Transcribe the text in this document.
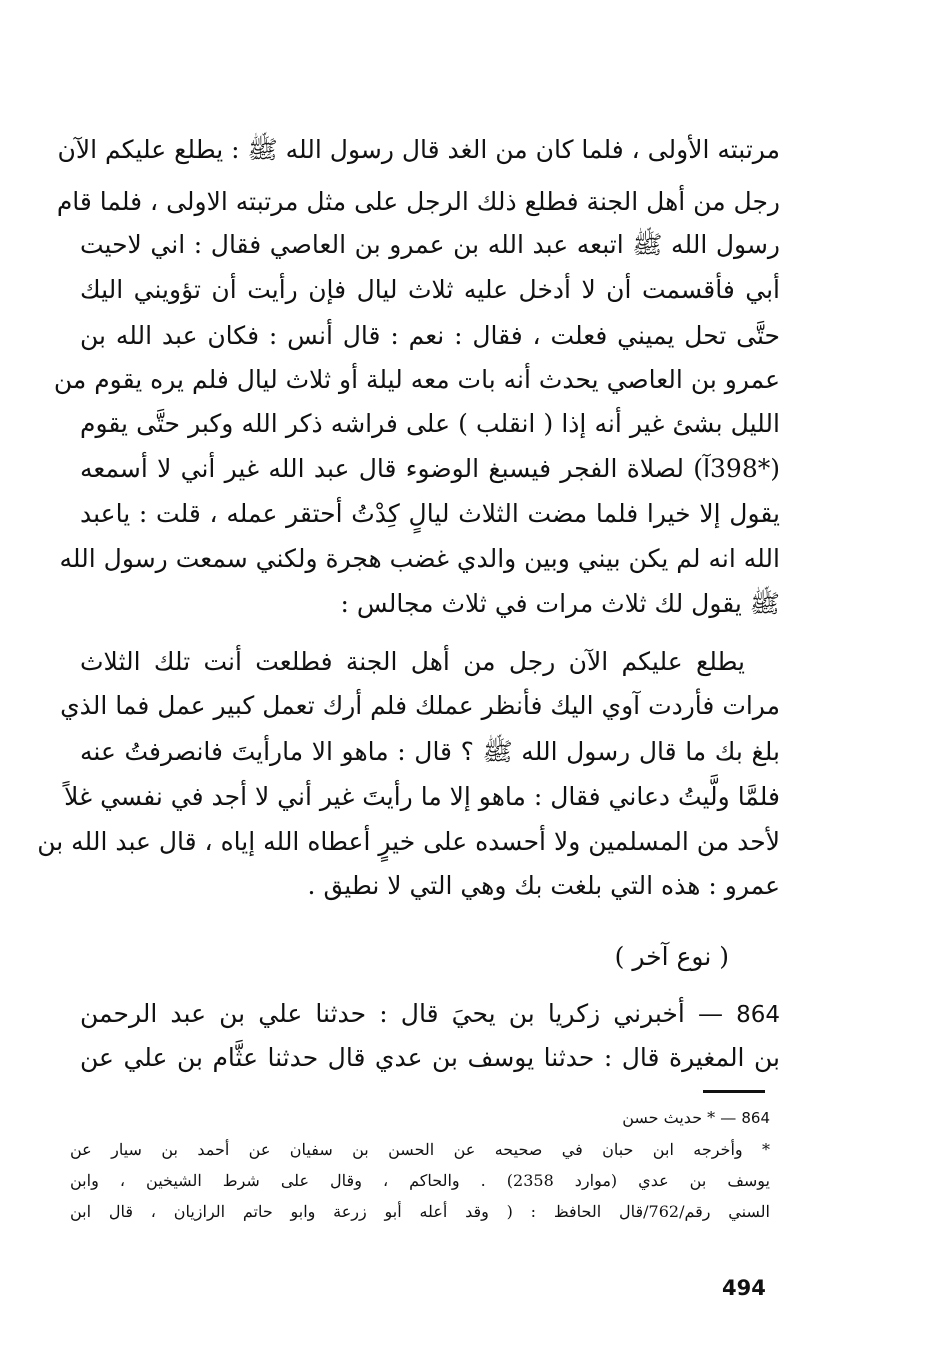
مرتبته الأولى ، فلما كان من الغد قال رسول الله ﷺ : يطلع عليكم الآن
رجل من أهل الجنة فطلع ذلك الرجل على مثل مرتبته الاولى ، فلما قام
رسول الله ﷺ اتبعه عبد الله بن عمرو بن العاصي فقال : اني لاحيت
أبي فأقسمت أن لا أدخل عليه ثلاث ليال فإن رأيت أن تؤويني اليك
حتَّى تحل يميني فعلت ، فقال : نعم : قال أنس : فكان عبد الله بن
عمرو بن العاصي يحدث أنه بات معه ليلة أو ثلاث ليال فلم يره يقوم من
الليل بشئ غير أنه إذا ( انقلب ) على فراشه ذكر الله وكبر حتَّى يقوم
(*398آ) لصلاة الفجر فيسبغ الوضوء قال عبد الله غير أني لا أسمعه
يقول إلا خيرا فلما مضت الثلاث ليالٍ كِدْتُ أحتقر عمله ، قلت : ياعبد
الله انه لم يكن بيني وبين والدي غضب هجرة ولكني سمعت رسول الله
ﷺ يقول لك ثلاث مرات في ثلاث مجالس :
يطلع عليكم الآن رجل من أهل الجنة فطلعت أنت تلك الثلاث
مرات فأردت آوي اليك فأنظر عملك فلم أرك تعمل كبير عمل فما الذي
بلغ بك ما قال رسول الله ﷺ ؟ قال : ماهو الا مارأيتَ فانصرفتُ عنه
فلمَّا ولَّيتُ دعاني فقال : ماهو إلا ما رأيتَ غير أني لا أجد في نفسي غلاً
لأحد من المسلمين ولا أحسده على خيرٍ أعطاه الله إياه ، قال عبد الله بن
عمرو : هذه التي بلغت بك وهي التي لا نطيق .
( نوع آخر )
864 — أخبرني زكريا بن يحيَ قال : حدثنا علي بن عبد الرحمن
بن المغيرة قال : حدثنا يوسف بن عدي قال حدثنا عثَّام بن علي عن
864 — * حديث حسن
* وأخرجه ابن حبان في صحيحه عن الحسن بن سفيان عن أحمد بن سيار عن
يوسف بن عدي (موارد 2358) . والحاكم ، وقال على شرط الشيخين ، وابن
السني رقم/762/قال الحافظ : ( وقد أعله أبو زرعة وابو حاتم الرازيان ، قال ابن
494
